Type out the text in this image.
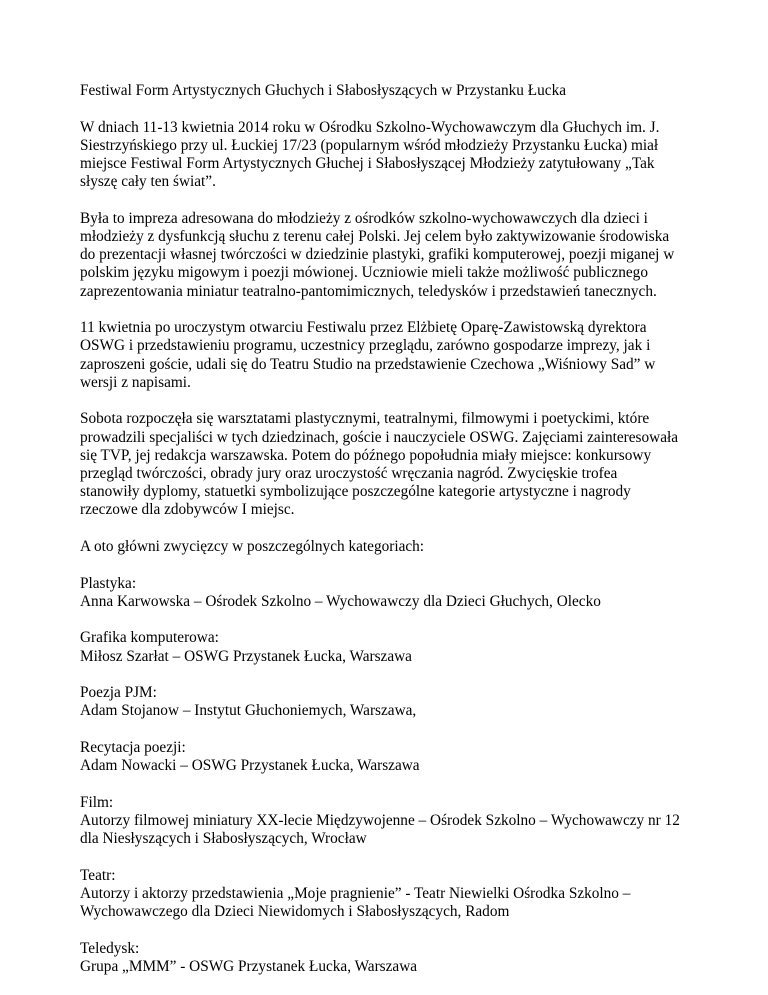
Festiwal Form Artystycznych Głuchych i Słabosłyszących w Przystanku Łucka

W dniach 11-13 kwietnia 2014 roku w Ośrodku Szkolno-Wychowawczym dla Głuchych im. J. Siestrzyńskiego przy ul. Łuckiej 17/23 (popularnym wśród młodzieży Przystanku Łucka) miał miejsce Festiwal Form Artystycznych Głuchej i Słabosłyszącej Młodzieży zatytułowany „Tak słyszę cały ten świat”.

Była to impreza adresowana do młodzieży z ośrodków szkolno-wychowawczych dla dzieci i młodzieży z dysfunkcją słuchu z terenu całej Polski. Jej celem było zaktywizowanie środowiska do prezentacji własnej twórczości w dziedzinie plastyki, grafiki komputerowej, poezji miganej w polskim języku migowym i poezji mówionej. Uczniowie mieli także możliwość publicznego zaprezentowania miniatur teatralno-pantomimicznych, teledysków i przedstawień tanecznych.

11 kwietnia po uroczystym otwarciu Festiwalu przez Elżbietę Oparę-Zawistowską dyrektora OSWG i przedstawieniu programu, uczestnicy przeglądu, zarówno gospodarze imprezy, jak i zaproszeni goście, udali się do Teatru Studio na przedstawienie Czechowa „Wiśniowy Sad” w wersji z napisami.

Sobota rozpoczęła się warsztatami plastycznymi, teatralnymi, filmowymi i poetyckimi, które prowadzili specjaliści w tych dziedzinach, goście i nauczyciele OSWG. Zajęciami zainteresowała się TVP, jej redakcja warszawska. Potem do późnego popołudnia miały miejsce: konkursowy przegląd twórczości, obrady jury oraz uroczystość wręczania nagród. Zwycięskie trofea stanowiły dyplomy, statuetki symbolizujące poszczególne kategorie artystyczne i nagrody rzeczowe dla zdobywców I miejsc.

A oto główni zwycięzcy w poszczególnych kategoriach:

Plastyka:
Anna Karwowska – Ośrodek Szkolno – Wychowawczy dla Dzieci Głuchych, Olecko

Grafika komputerowa:
Miłosz Szarłat – OSWG Przystanek Łucka, Warszawa

Poezja PJM:
Adam Stojanow – Instytut Głuchoniemych, Warszawa,

Recytacja poezji:
Adam Nowacki – OSWG Przystanek Łucka, Warszawa

Film:
Autorzy filmowej miniatury XX-lecie Międzywojenne – Ośrodek Szkolno – Wychowawczy nr 12 dla Niesłyszących i Słabosłyszących, Wrocław

Teatr:
Autorzy i aktorzy przedstawienia „Moje pragnienie” - Teatr Niewielki Ośrodka Szkolno – Wychowawczego dla Dzieci Niewidomych i Słabosłyszących, Radom

Teledysk:
Grupa „MMM” - OSWG Przystanek Łucka, Warszawa
